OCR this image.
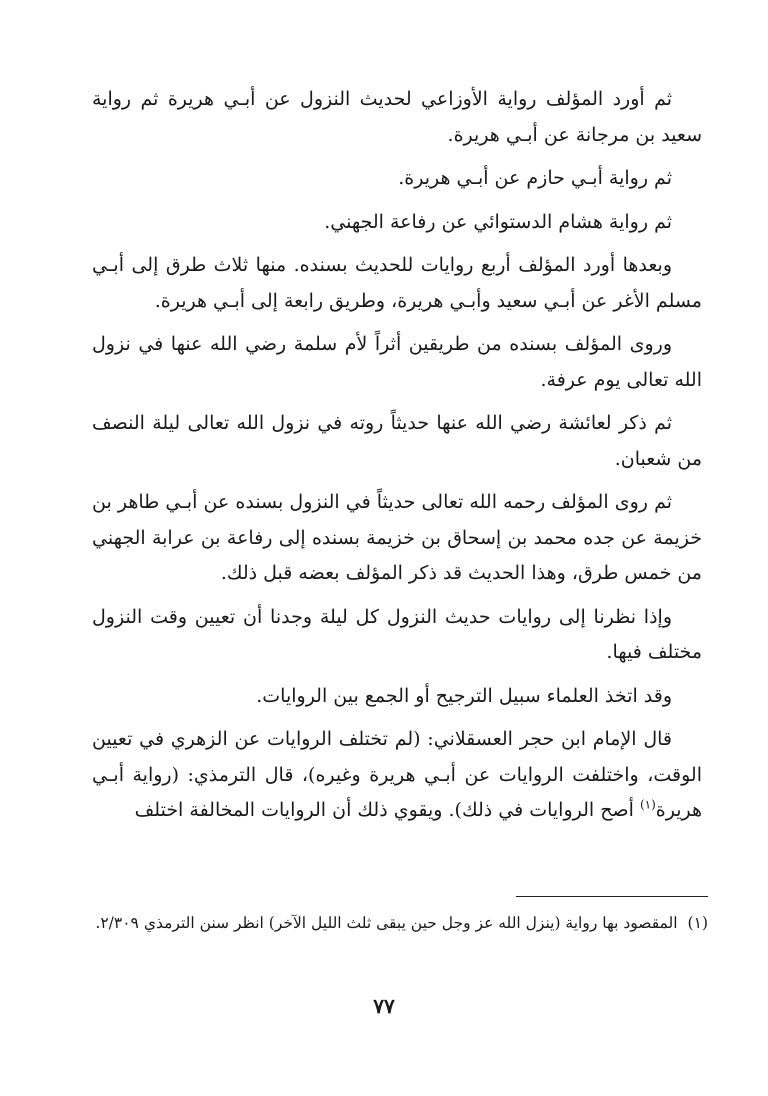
ثم أورد المؤلف رواية الأوزاعي لحديث النزول عن أبـي هريرة ثم رواية سعيد بن مرجانة عن أبـي هريرة.

ثم رواية أبـي حازم عن أبـي هريرة.

ثم رواية هشام الدستوائي عن رفاعة الجهني.

وبعدها أورد المؤلف أربع روايات للحديث بسنده. منها ثلاث طرق إلى أبـي مسلم الأغر عن أبـي سعيد وأبـي هريرة، وطريق رابعة إلى أبـي هريرة.

وروى المؤلف بسنده من طريقين أثراً لأم سلمة رضي الله عنها في نزول الله تعالى يوم عرفة.

ثم ذكر لعائشة رضي الله عنها حديثاً روته في نزول الله تعالى ليلة النصف من شعبان.

ثم روى المؤلف رحمه الله تعالى حديثاً في النزول بسنده عن أبـي طاهر بن خزيمة عن جده محمد بن إسحاق بن خزيمة بسنده إلى رفاعة بن عرابة الجهني من خمس طرق، وهذا الحديث قد ذكر المؤلف بعضه قبل ذلك.

وإذا نظرنا إلى روايات حديث النزول كل ليلة وجدنا أن تعيين وقت النزول مختلف فيها.

وقد اتخذ العلماء سبيل الترجيح أو الجمع بين الروايات.

قال الإمام ابن حجر العسقلاني: (لم تختلف الروايات عن الزهري في تعيين الوقت، واختلفت الروايات عن أبـي هريرة وغيره)، قال الترمذي: (رواية أبـي هريرة$^{(١)}$ أصح الروايات في ذلك). ويقوي ذلك أن الروايات المخالفة اختلف

(١)المقصود بها رواية (ينزل الله عز وجل حين يبقى ثلث الليل الآخر) انظر سنن الترمذي ٢/٣٠٩.

٧٧
